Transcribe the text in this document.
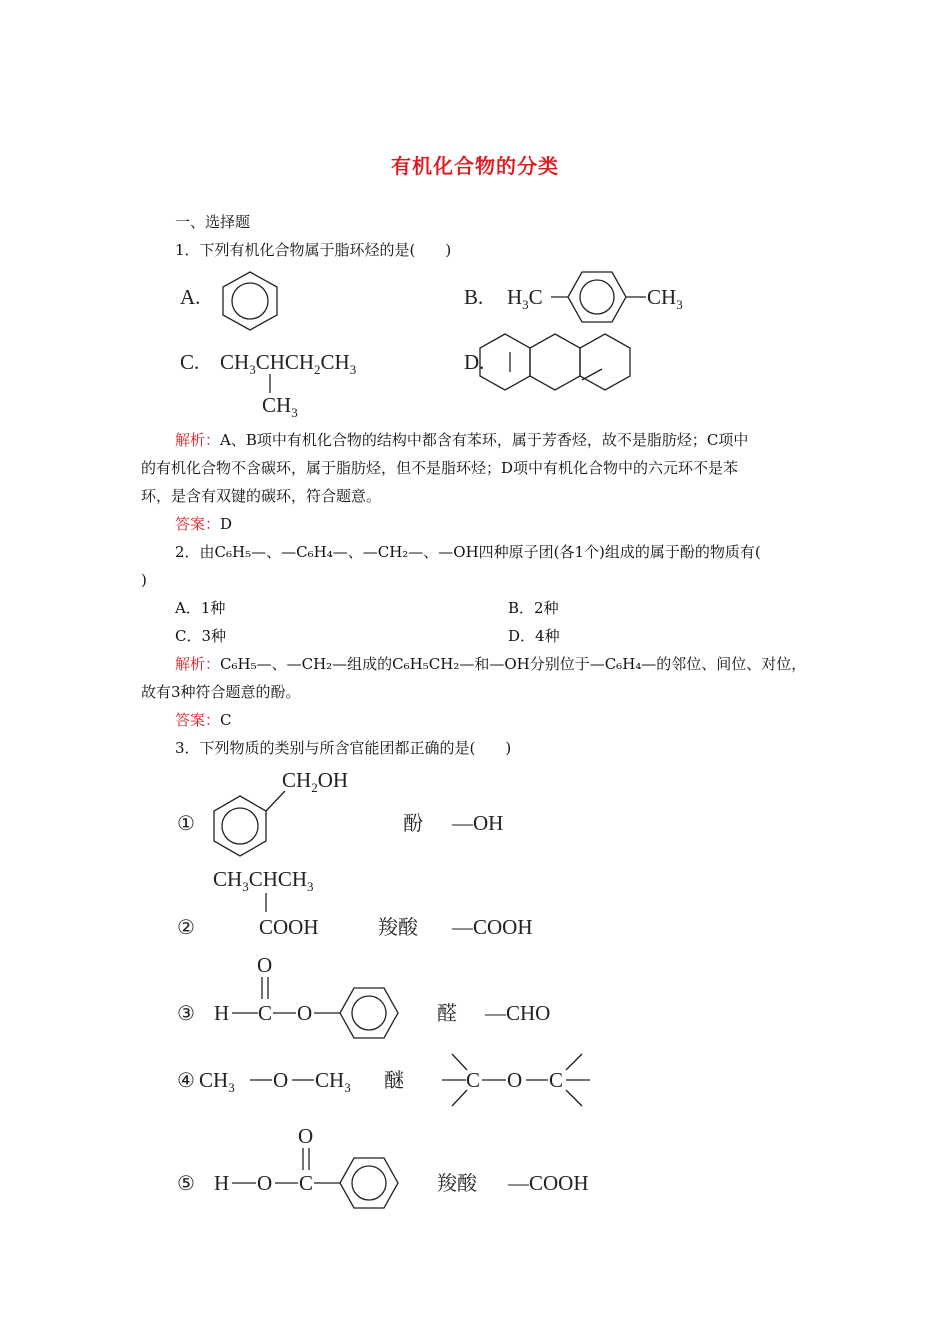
有机化合物的分类
一、选择题
1．下列有机化合物属于脂环烃的是(　　)
解析：A、B项中有机化合物的结构中都含有苯环，属于芳香烃，故不是脂肪烃；C项中
的有机化合物不含碳环，属于脂肪烃，但不是脂环烃；D项中有机化合物中的六元环不是苯
环，是含有双键的碳环，符合题意。
答案：D
2．由C₆H₅—、—C₆H₄—、—CH₂—、—OH四种原子团(各1个)组成的属于酚的物质有(
)
A．1种	B．2种
C．3种	D．4种
解析：C₆H₅—、—CH₂—组成的C₆H₅CH₂—和—OH分别位于—C₆H₄—的邻位、间位、对位，
故有3种符合题意的酚。
答案：C
3．下列物质的类别与所含官能团都正确的是(　　)
A.	B. $H_3C$	$CH_3$
C. $CH_3CHCH_2CH_3$
$CH_3$
D.
①
$CH_2OH$
酚 —OH
$CH_3CHCH_3$
②	COOH	羧酸 —COOH
O
③ H C O	醛 —CHO
④ $CH_3$ O $CH_3$ 醚	C O C
O
⑤ H O C	羧酸 —COOH
